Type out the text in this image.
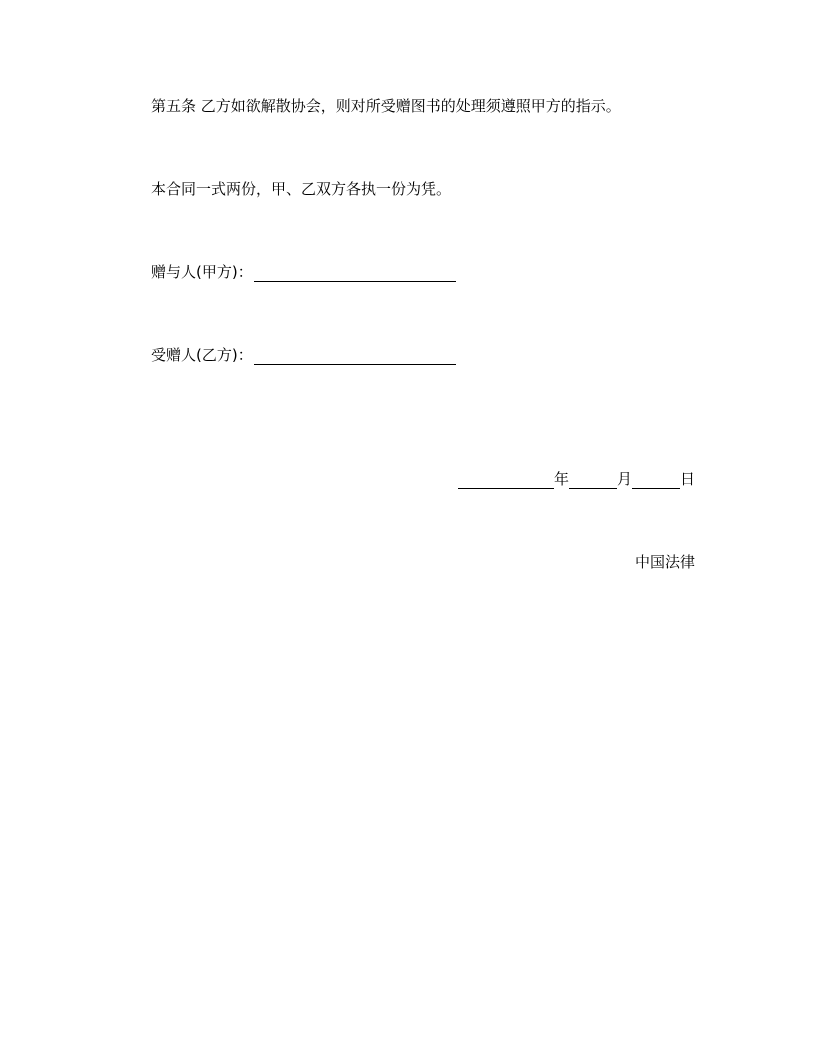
第五条 乙方如欲解散协会，则对所受赠图书的处理须遵照甲方的指示。
本合同一式两份，甲、乙双方各执一份为凭。
赠与人(甲方)：
受赠人(乙方)：
年	月	日
中国法律
